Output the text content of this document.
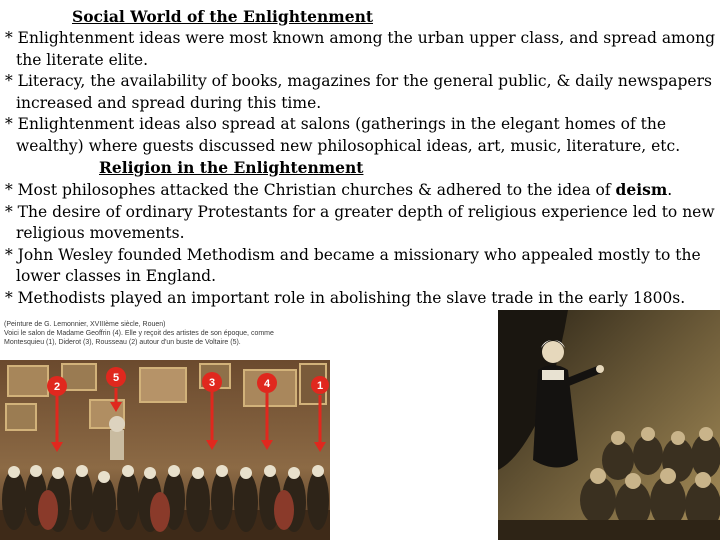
Social World of the Enlightenment

* Enlightenment ideas were most known among the urban upper class, and spread among the literate elite.

* Literacy, the availability of books, magazines for the general public, & daily newspapers increased and spread during this time.

* Enlightenment ideas also spread at salons (gatherings in the elegant homes of the wealthy) where guests discussed new philosophical ideas, art, music, literature, etc.

Religion in the Enlightenment

* Most philosophes attacked the Christian churches & adhered to the idea of deism.

* The desire of ordinary Protestants for a greater depth of religious experience led to new religious movements.

* John Wesley founded Methodism and became a missionary who appealed mostly to the lower classes in England.

* Methodists played an important role in abolishing the slave trade in the early 1800s.

(Peinture de G. Lemonnier, XVIIIème siècle, Rouen)
Voici le salon de Madame Geoffrin (4). Elle y reçoit des artistes de son époque, comme
Montesquieu (1), Diderot (3), Rousseau (2) autour d'un buste de Voltaire (5).
2
5	3	4	1
